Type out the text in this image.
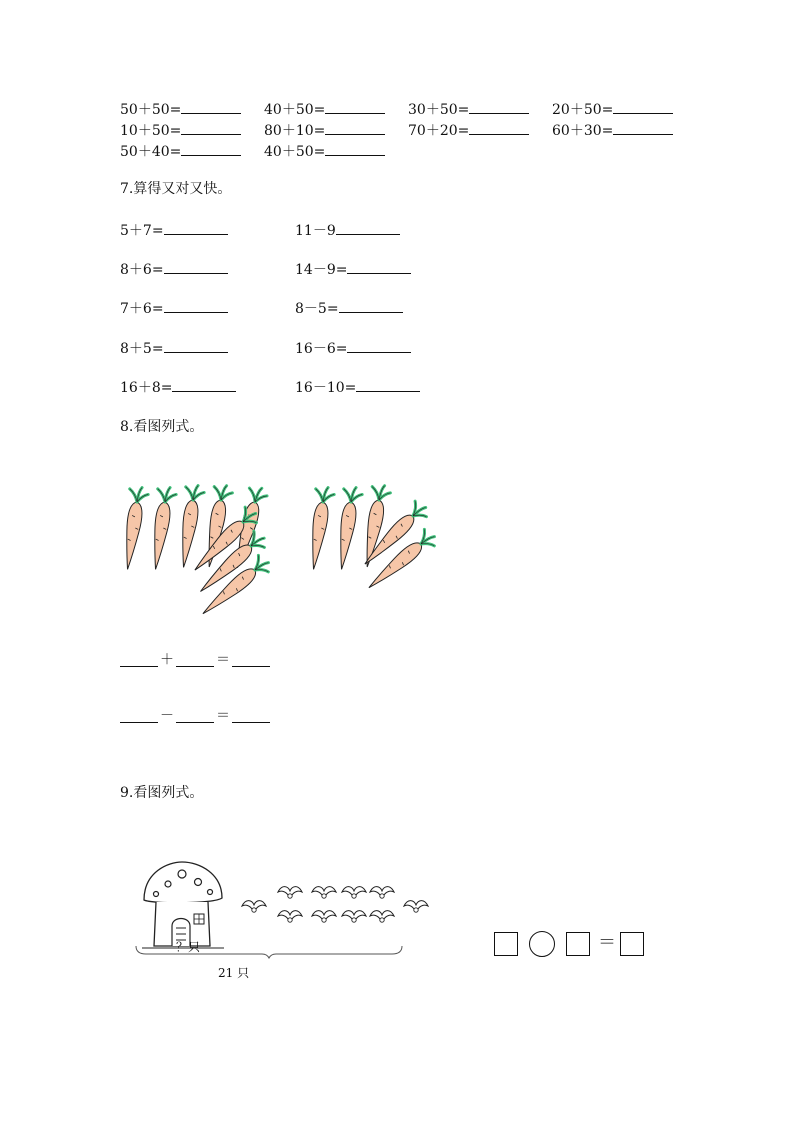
50＋50=	40＋50=	30＋50=	20＋50=
10＋50=	80＋10=	70＋20=	60＋30=
50＋40=	40＋50=
7.算得又对又快。
5＋7=	11－9
8＋6=	14－9=
7＋6=	8－5=
8＋5=	16－6=
16＋8=	16－10=
8.看图列式。
＋	＝
－	＝
9.看图列式。
？只
21 只
＝
